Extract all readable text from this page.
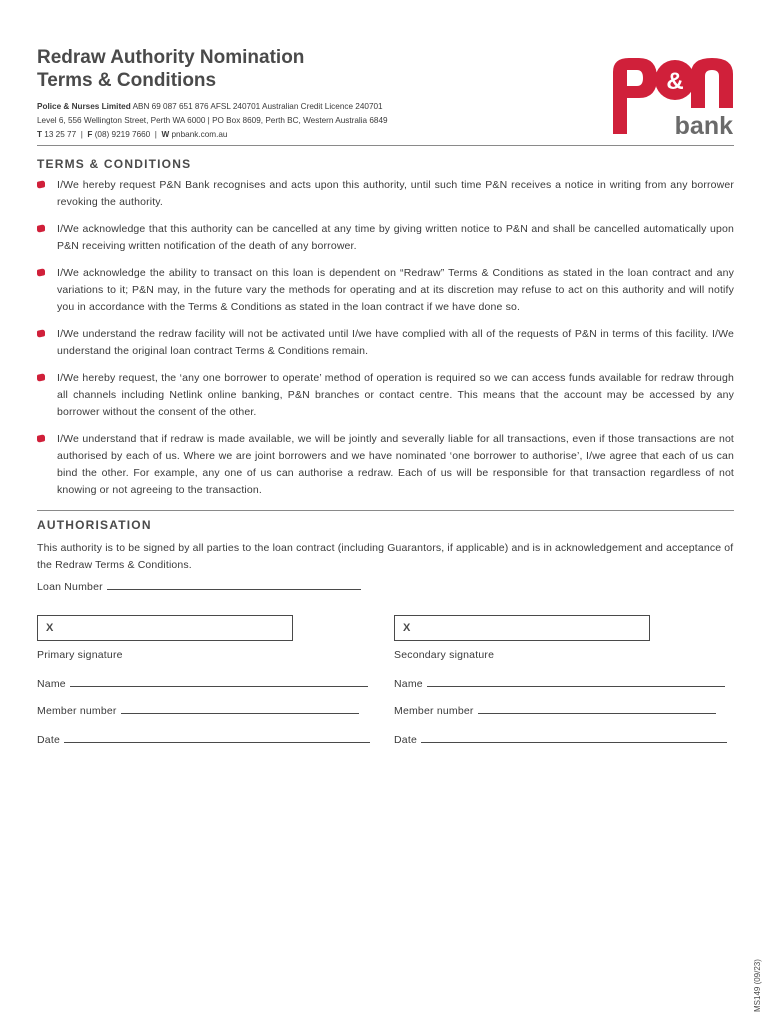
Redraw Authority Nomination
Terms & Conditions
Police & Nurses Limited ABN 69 087 651 876 AFSL 240701 Australian Credit Licence 240701
Level 6, 556 Wellington Street, Perth WA 6000 | PO Box 8609, Perth BC, Western Australia 6849
T 13 25 77  |  F (08) 9219 7660  |  W pnbank.com.au
&
bank
TERMS & CONDITIONS
I/We hereby request P&N Bank recognises and acts upon this authority, until such time P&N receives a notice in writing from any borrower revoking the authority.
I/We acknowledge that this authority can be cancelled at any time by giving written notice to P&N and shall be cancelled automatically upon P&N receiving written notification of the death of any borrower.
I/We acknowledge the ability to transact on this loan is dependent on “Redraw” Terms & Conditions as stated in the loan contract and any variations to it; P&N may, in the future vary the methods for operating and at its discretion may refuse to act on this authority and will notify you in accordance with the Terms & Conditions as stated in the loan contract if we have done so.
I/We understand the redraw facility will not be activated until I/we have complied with all of the requests of P&N in terms of this facility. I/We understand the original loan contract Terms & Conditions remain.
I/We hereby request, the ‘any one borrower to operate’ method of operation is required so we can access funds available for redraw through all channels including Netlink online banking, P&N branches or contact centre. This means that the account may be accessed by any borrower without the consent of the other.
I/We understand that if redraw is made available, we will be jointly and severally liable for all transactions, even if those transactions are not authorised by each of us. Where we are joint borrowers and we have nominated ‘one borrower to authorise’, I/we agree that each of us can bind the other. For example, any one of us can authorise a redraw. Each of us will be responsible for that transaction regardless of not knowing or not agreeing to the transaction.
AUTHORISATION
This authority is to be signed by all parties to the loan contract (including Guarantors, if applicable) and is in acknowledgement and acceptance of the Redraw Terms & Conditions.
Loan Number
X	X
Primary signature	Secondary signature
Name	Name
Member number	Member number
Date	Date
MS149 (09/23)
